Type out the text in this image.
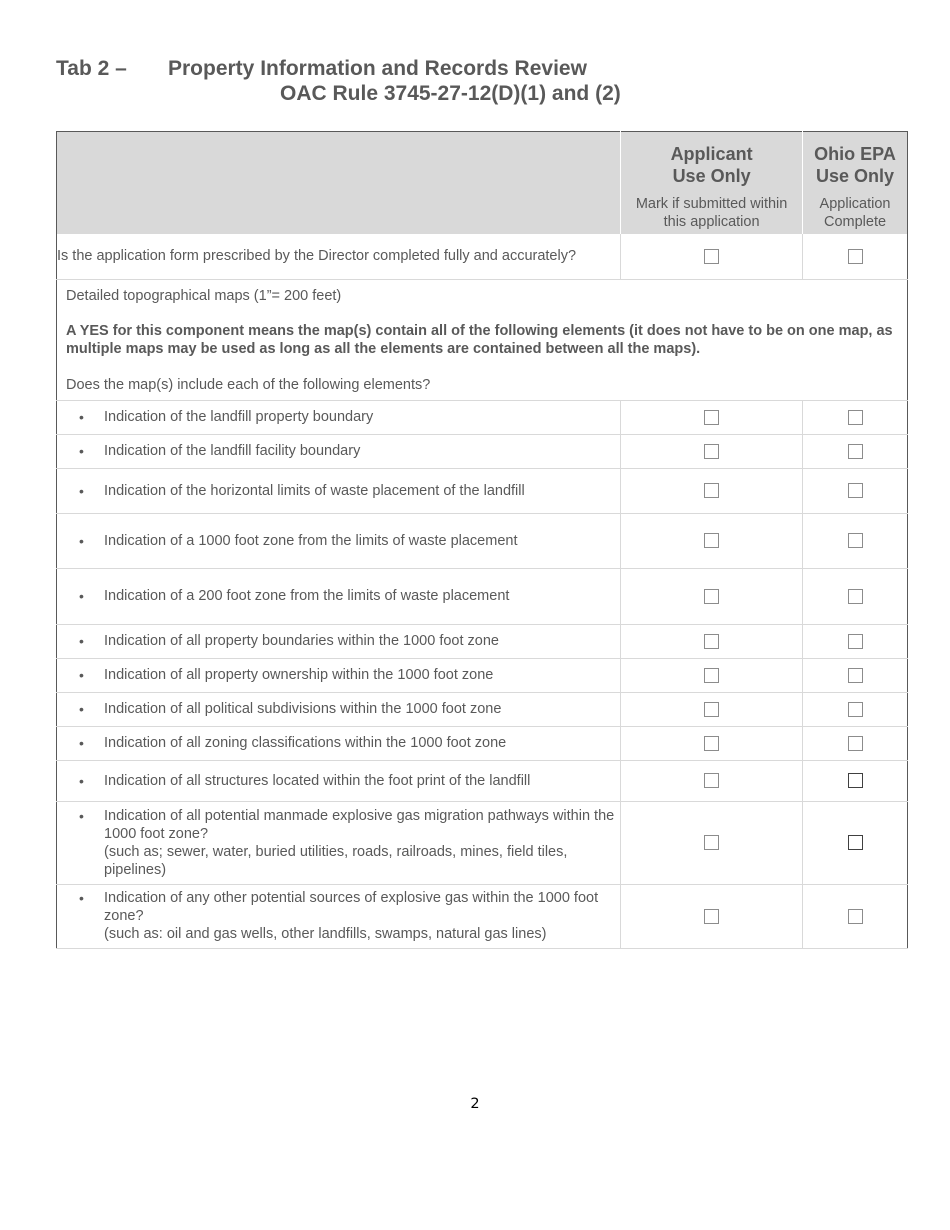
Tab 2 – Property Information and Records Review
OAC Rule 3745-27-12(D)(1) and (2)

	Applicant Use Only	Ohio EPA Use Only

	Mark if submitted within this application	Application Complete

Is the application form prescribed by the Director completed fully and accurately?		

Detailed topographical maps (1”= 200 feet)
A YES for this component means the map(s) contain all of the following elements (it does not have to be on one map, as multiple maps may be used as long as all the elements are contained between all the maps).
Does the map(s) include each of the following elements?		

• Indication of the landfill property boundary		

• Indication of the landfill facility boundary		

• Indication of the horizontal limits of waste placement of the landfill		

• Indication of a 1000 foot zone from the limits of waste placement		

• Indication of a 200 foot zone from the limits of waste placement		

• Indication of all property boundaries within the 1000 foot zone		

• Indication of all property ownership within the 1000 foot zone		

• Indication of all political subdivisions within the 1000 foot zone		

• Indication of all zoning classifications within the 1000 foot zone		

• Indication of all structures located within the foot print of the landfill		

• Indication of all potential manmade explosive gas migration pathways within the 1000 foot zone?
(such as; sewer, water, buried utilities, roads, railroads, mines, field tiles, pipelines)		

• Indication of any other potential sources of explosive gas within the 1000 foot zone?
(such as: oil and gas wells, other landfills, swamps, natural gas lines)		

2
